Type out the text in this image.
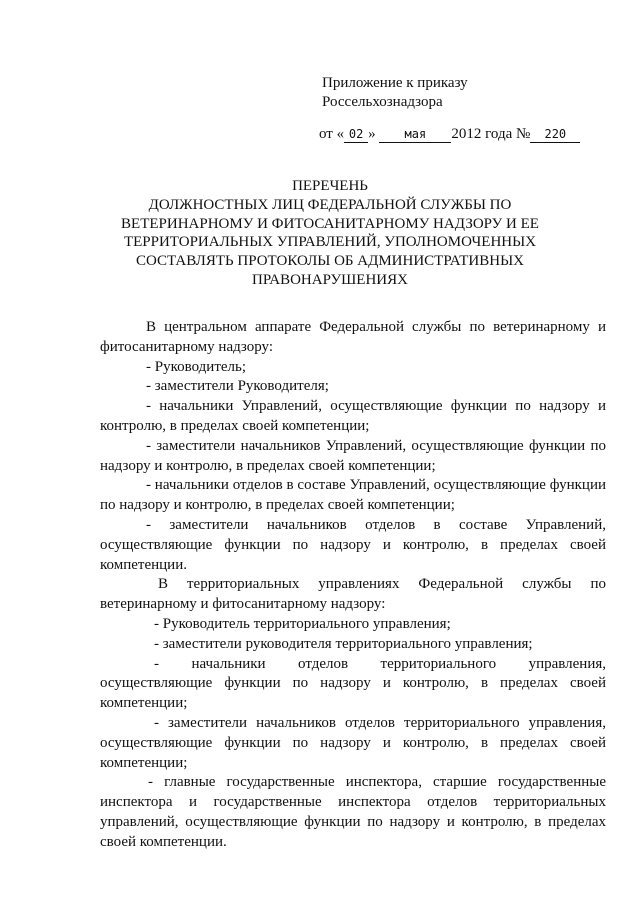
Приложение к приказу
Россельхознадзора
от « 02 » мая 2012 года № 220
ПЕРЕЧЕНЬ
ДОЛЖНОСТНЫХ ЛИЦ ФЕДЕРАЛЬНОЙ СЛУЖБЫ ПО
ВЕТЕРИНАРНОМУ И ФИТОСАНИТАРНОМУ НАДЗОРУ И ЕЕ
ТЕРРИТОРИАЛЬНЫХ УПРАВЛЕНИЙ, УПОЛНОМОЧЕННЫХ
СОСТАВЛЯТЬ ПРОТОКОЛЫ ОБ АДМИНИСТРАТИВНЫХ
ПРАВОНАРУШЕНИЯХ

В центральном аппарате Федеральной службы по ветеринарному и фитосанитарному надзору:

- Руководитель;

- заместители Руководителя;

- начальники Управлений, осуществляющие функции по надзору и контролю, в пределах своей компетенции;

- заместители начальников Управлений, осуществляющие функции по надзору и контролю, в пределах своей компетенции;

- начальники отделов в составе Управлений, осуществляющие функции по надзору и контролю, в пределах своей компетенции;

- заместители начальников отделов в составе Управлений, осуществляющие функции по надзору и контролю, в пределах своей компетенции.

В территориальных управлениях Федеральной службы по ветеринарному и фитосанитарному надзору:

- Руководитель территориального управления;

- заместители руководителя территориального управления;

- начальники отделов территориального управления, осуществляющие функции по надзору и контролю, в пределах своей компетенции;

- заместители начальников отделов территориального управления, осуществляющие функции по надзору и контролю, в пределах своей компетенции;

- главные государственные инспектора, старшие государственные инспектора и государственные инспектора отделов территориальных управлений, осуществляющие функции по надзору и контролю, в пределах своей компетенции.
